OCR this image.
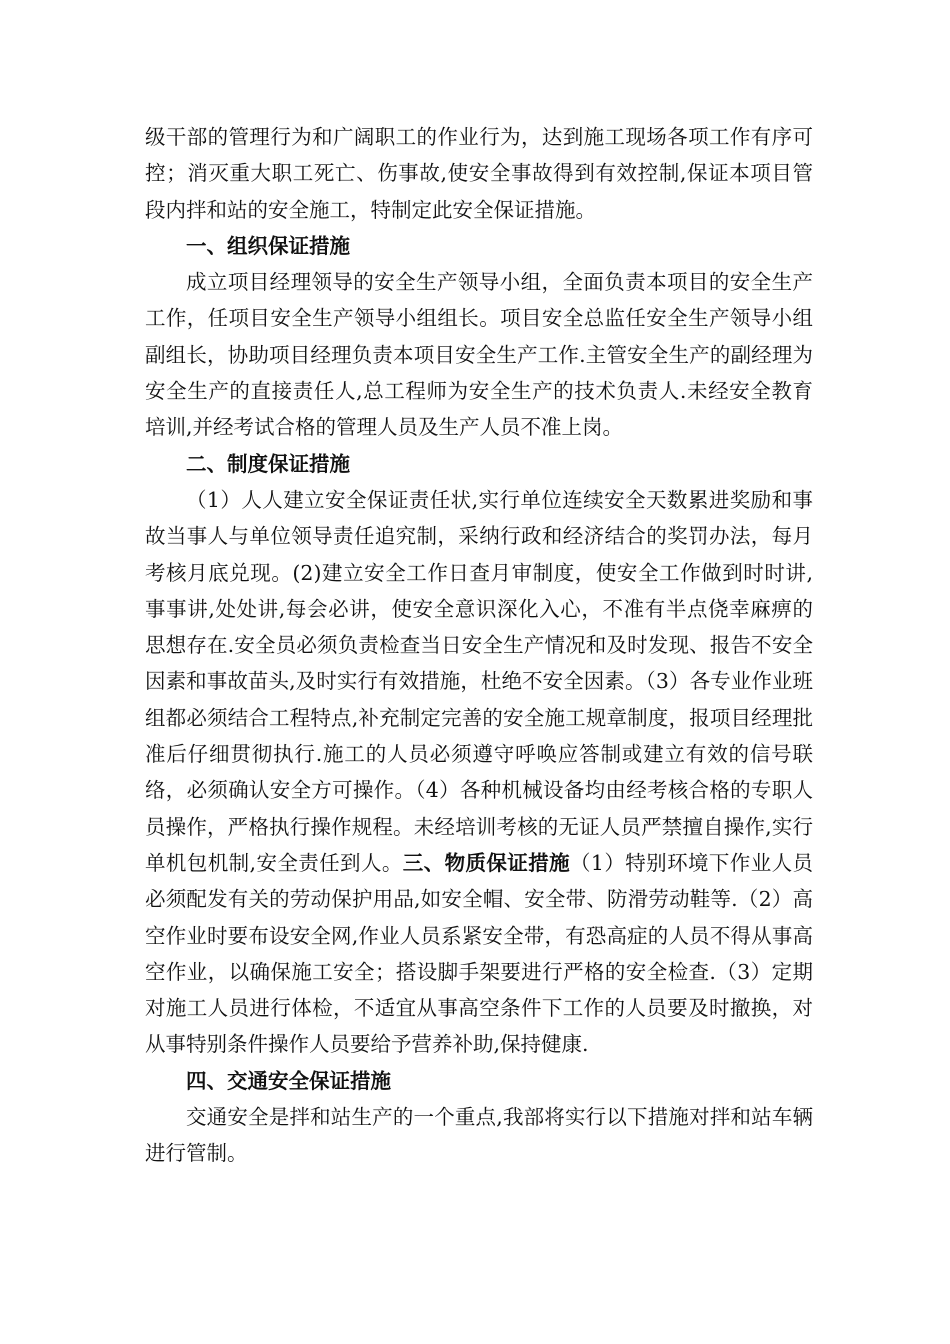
级干部的管理行为和广阔职工的作业行为，达到施工现场各项工作有序可控；消灭重大职工死亡、伤事故,使安全事故得到有效控制,保证本项目管段内拌和站的安全施工，特制定此安全保证措施。

一、组织保证措施

成立项目经理领导的安全生产领导小组，全面负责本项目的安全生产工作，任项目安全生产领导小组组长。项目安全总监任安全生产领导小组副组长，协助项目经理负责本项目安全生产工作.主管安全生产的副经理为安全生产的直接责任人,总工程师为安全生产的技术负责人.未经安全教育培训,并经考试合格的管理人员及生产人员不准上岗。

二、制度保证措施

（1）人人建立安全保证责任状,实行单位连续安全天数累进奖励和事故当事人与单位领导责任追究制，采纳行政和经济结合的奖罚办法，每月考核月底兑现。(2)建立安全工作日查月审制度，使安全工作做到时时讲,事事讲,处处讲,每会必讲，使安全意识深化入心，不准有半点侥幸麻痹的思想存在.安全员必须负责检查当日安全生产情况和及时发现、报告不安全因素和事故苗头,及时实行有效措施，杜绝不安全因素。（3）各专业作业班组都必须结合工程特点,补充制定完善的安全施工规章制度，报项目经理批准后仔细贯彻执行.施工的人员必须遵守呼唤应答制或建立有效的信号联络，必须确认安全方可操作。（4）各种机械设备均由经考核合格的专职人员操作，严格执行操作规程。未经培训考核的无证人员严禁擅自操作,实行单机包机制,安全责任到人。三、物质保证措施（1）特别环境下作业人员必须配发有关的劳动保护用品,如安全帽、安全带、防滑劳动鞋等.（2）高空作业时要布设安全网,作业人员系紧安全带，有恐高症的人员不得从事高空作业，以确保施工安全；搭设脚手架要进行严格的安全检查.（3）定期对施工人员进行体检，不适宜从事高空条件下工作的人员要及时撤换，对从事特别条件操作人员要给予营养补助,保持健康.

四、交通安全保证措施

交通安全是拌和站生产的一个重点,我部将实行以下措施对拌和站车辆进行管制。
